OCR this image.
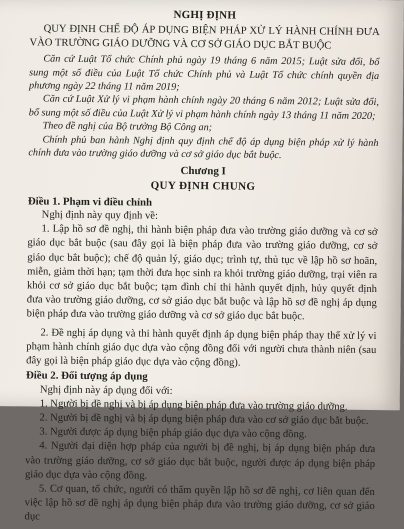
NGHỊ ĐỊNH
QUY ĐỊNH CHẾ ĐỘ ÁP DỤNG BIỆN PHÁP XỬ LÝ HÀNH CHÍNH ĐƯA VÀO TRƯỜNG GIÁO DƯỠNG VÀ CƠ SỞ GIÁO DỤC BẮT BUỘC

Căn cứ Luật Tổ chức Chính phủ ngày 19 tháng 6 năm 2015; Luật sửa đổi, bổ sung một số điều của Luật Tổ chức Chính phủ và Luật Tổ chức chính quyền địa phương ngày 22 tháng 11 năm 2019;

Căn cứ Luật Xử lý vi phạm hành chính ngày 20 tháng 6 năm 2012; Luật sửa đổi, bổ sung một số điều của Luật Xử lý vi phạm hành chính ngày 13 tháng 11 năm 2020;

Theo đề nghị của Bộ trưởng Bộ Công an;

Chính phủ ban hành Nghị định quy định chế độ áp dụng biện pháp xử lý hành chính đưa vào trường giáo dưỡng và cơ sở giáo dục bắt buộc.

Chương I
QUY ĐỊNH CHUNG
Điều 1. Phạm vi điều chỉnh

Nghị định này quy định về:

1. Lập hồ sơ đề nghị, thi hành biện pháp đưa vào trường giáo dưỡng và cơ sở giáo dục bắt buộc (sau đây gọi là biện pháp đưa vào trường giáo dưỡng, cơ sở giáo dục bắt buộc); chế độ quản lý, giáo dục; trình tự, thủ tục về lập hồ sơ hoãn, miễn, giảm thời hạn; tạm thời đưa học sinh ra khỏi trường giáo dưỡng, trại viên ra khỏi cơ sở giáo dục bắt buộc; tạm đình chỉ thi hành quyết định, hủy quyết định đưa vào trường giáo dưỡng, cơ sở giáo dục bắt buộc và lập hồ sơ đề nghị áp dụng biện pháp đưa vào trường giáo dưỡng và cơ sở giáo dục bắt buộc.

2. Đề nghị áp dụng và thi hành quyết định áp dụng biện pháp thay thế xử lý vi phạm hành chính giáo dục dựa vào cộng đồng đối với người chưa thành niên (sau đây gọi là biện pháp giáo dục dựa vào cộng đồng).

Điều 2. Đối tượng áp dụng

Nghị định này áp dụng đối với:

1. Người bị đề nghị và bị áp dụng biện pháp đưa vào trường giáo dưỡng.

2. Người bị đề nghị và bị áp dụng biện pháp đưa vào cơ sở giáo dục bắt buộc.

3. Người được áp dụng biện pháp giáo dục dựa vào cộng đồng.

4. Người đại diện hợp pháp của người bị đề nghị, bị áp dụng biện pháp đưa vào trường giáo dưỡng, cơ sở giáo dục bắt buộc, người được áp dụng biện pháp giáo dục dựa vào cộng đồng.

5. Cơ quan, tổ chức, người có thẩm quyền lập hồ sơ đề nghị, cơ liên quan đến việc lập hồ sơ đề nghị áp dụng biện pháp đưa vào trường giáo dưỡng, cơ sở giáo dục
